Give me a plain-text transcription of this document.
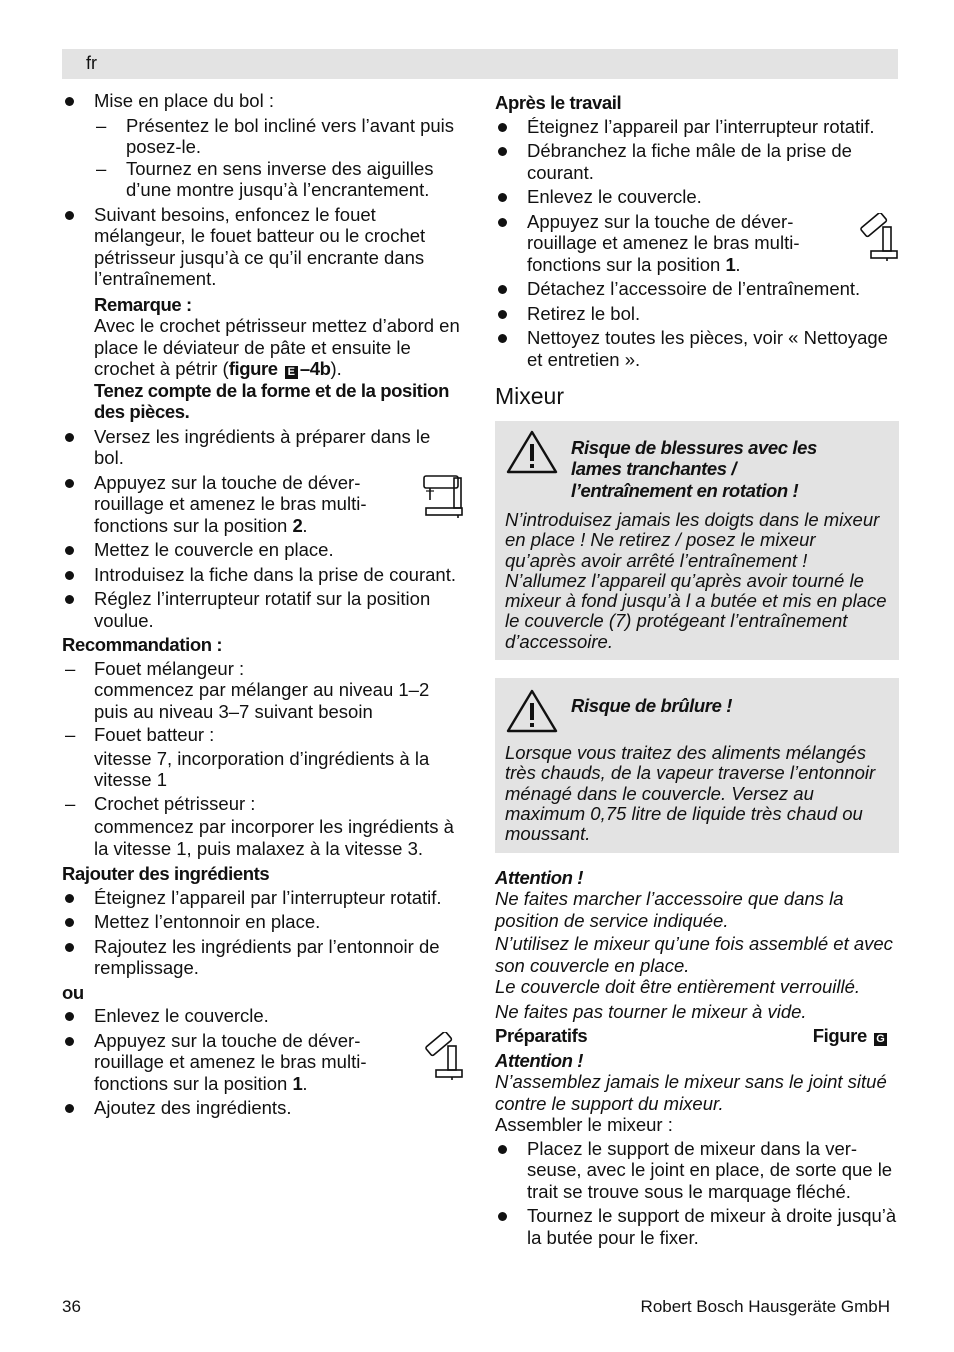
fr
Mise en place du bol :
– Présentez le bol incliné vers l’avant puis posez-le.
– Tournez en sens inverse des aiguilles d’une montre jusqu’à l’encrantement.
Suivant besoins, enfoncez le fouet mélangeur, le fouet batteur ou le crochet pétrisseur jusqu’à ce qu’il encrante dans l’entraînement.
Remarque :
Avec le crochet pétrisseur mettez d’abord en place le déviateur de pâte et ensuite le crochet à pétrir (figure E –4b).
Tenez compte de la forme et de la position des pièces.
Versez les ingrédients à préparer dans le bol.
Appuyez sur la touche de déverrouillage et amenez le bras multifonctions sur la position 2.
Mettez le couvercle en place.
Introduisez la fiche dans la prise de courant.
Réglez l’interrupteur rotatif sur la position voulue.
Recommandation :
– Fouet mélangeur :
commencez par mélanger au niveau 1–2 puis au niveau 3–7 suivant besoin
– Fouet batteur :
vitesse 7, incorporation d’ingrédients à la vitesse 1
– Crochet pétrisseur :
commencez par incorporer les ingrédients à la vitesse 1, puis malaxez à la vitesse 3.
Rajouter des ingrédients
Éteignez l’appareil par l’interrupteur rotatif.
Mettez l’entonnoir en place.
Rajoutez les ingrédients par l’entonnoir de remplissage.
ou
Enlevez le couvercle.
Appuyez sur la touche de déverrouillage et amenez le bras multifonctions sur la position 1.
Ajoutez des ingrédients.
Après le travail
Éteignez l’appareil par l’interrupteur rotatif.
Débranchez la fiche mâle de la prise de courant.
Enlevez le couvercle.
Appuyez sur la touche de déverrouillage et amenez le bras multifonctions sur la position 1.
Détachez l’accessoire de l’entraînement.
Retirez le bol.
Nettoyez toutes les pièces, voir « Nettoyage et entretien ».
Mixeur
Risque de blessures avec les lames tranchantes / l’entraînement en rotation !
N’introduisez jamais les doigts dans le mixeur en place ! Ne retirez / posez le mixeur qu’après avoir arrêté l’entraînement ! N’allumez l’appareil qu’après avoir tourné le mixeur à fond jusqu’à l a butée et mis en place le couvercle (7) protégeant l’entraînement d’accessoire.
Risque de brûlure !
Lorsque vous traitez des aliments mélangés très chauds, de la vapeur traverse l’entonnoir ménagé dans le couvercle. Versez au maximum 0,75 litre de liquide très chaud ou moussant.
Attention !
Ne faites marcher l’accessoire que dans la position de service indiquée.
N’utilisez le mixeur qu’une fois assemblé et avec son couvercle en place.
Le couvercle doit être entièrement verrouillé.
Ne faites pas tourner le mixeur à vide.
Préparatifs	Figure G
Attention !
N’assemblez jamais le mixeur sans le joint situé contre le support du mixeur.
Assembler le mixeur :
Placez le support de mixeur dans la verseuse, avec le joint en place, de sorte que le trait se trouve sous le marquage fléché.
Tournez le support de mixeur à droite jusqu’à la butée pour le fixer.
36	Robert Bosch Hausgeräte GmbH
